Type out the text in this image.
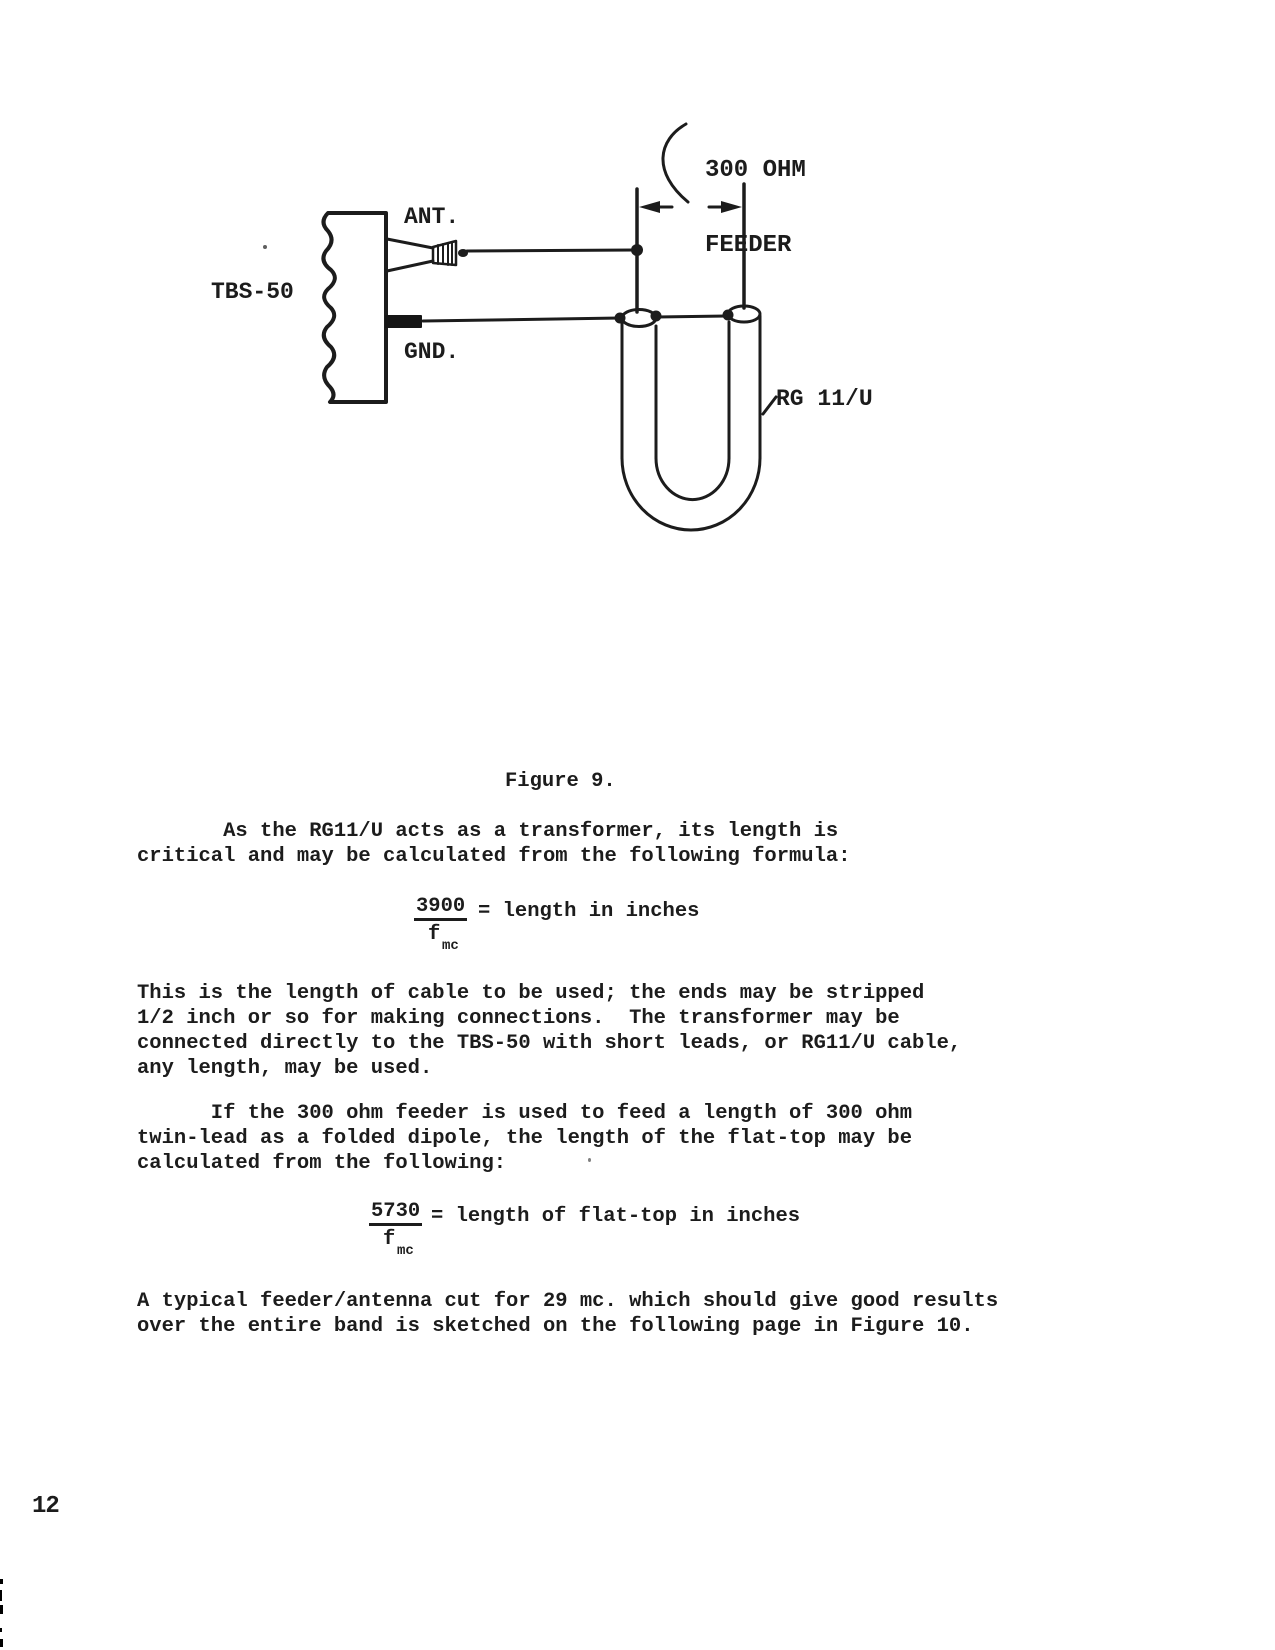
300 OHM

FEEDER

ANT.
TBS-50
GND.
RG 11/U
Figure 9.
As the RG11/U acts as a transformer, its length is
critical and may be calculated from the following formula:
3900
f mc
= length in inches
This is the length of cable to be used; the ends may be stripped
1/2 inch or so for making connections.  The transformer may be
connected directly to the TBS-50 with short leads, or RG11/U cable,
any length, may be used.
If the 300 ohm feeder is used to feed a length of 300 ohm
twin-lead as a folded dipole, the length of the flat-top may be
calculated from the following:
5730
f mc
= length of flat-top in inches
A typical feeder/antenna cut for 29 mc. which should give good results
over the entire band is sketched on the following page in Figure 10.
12
